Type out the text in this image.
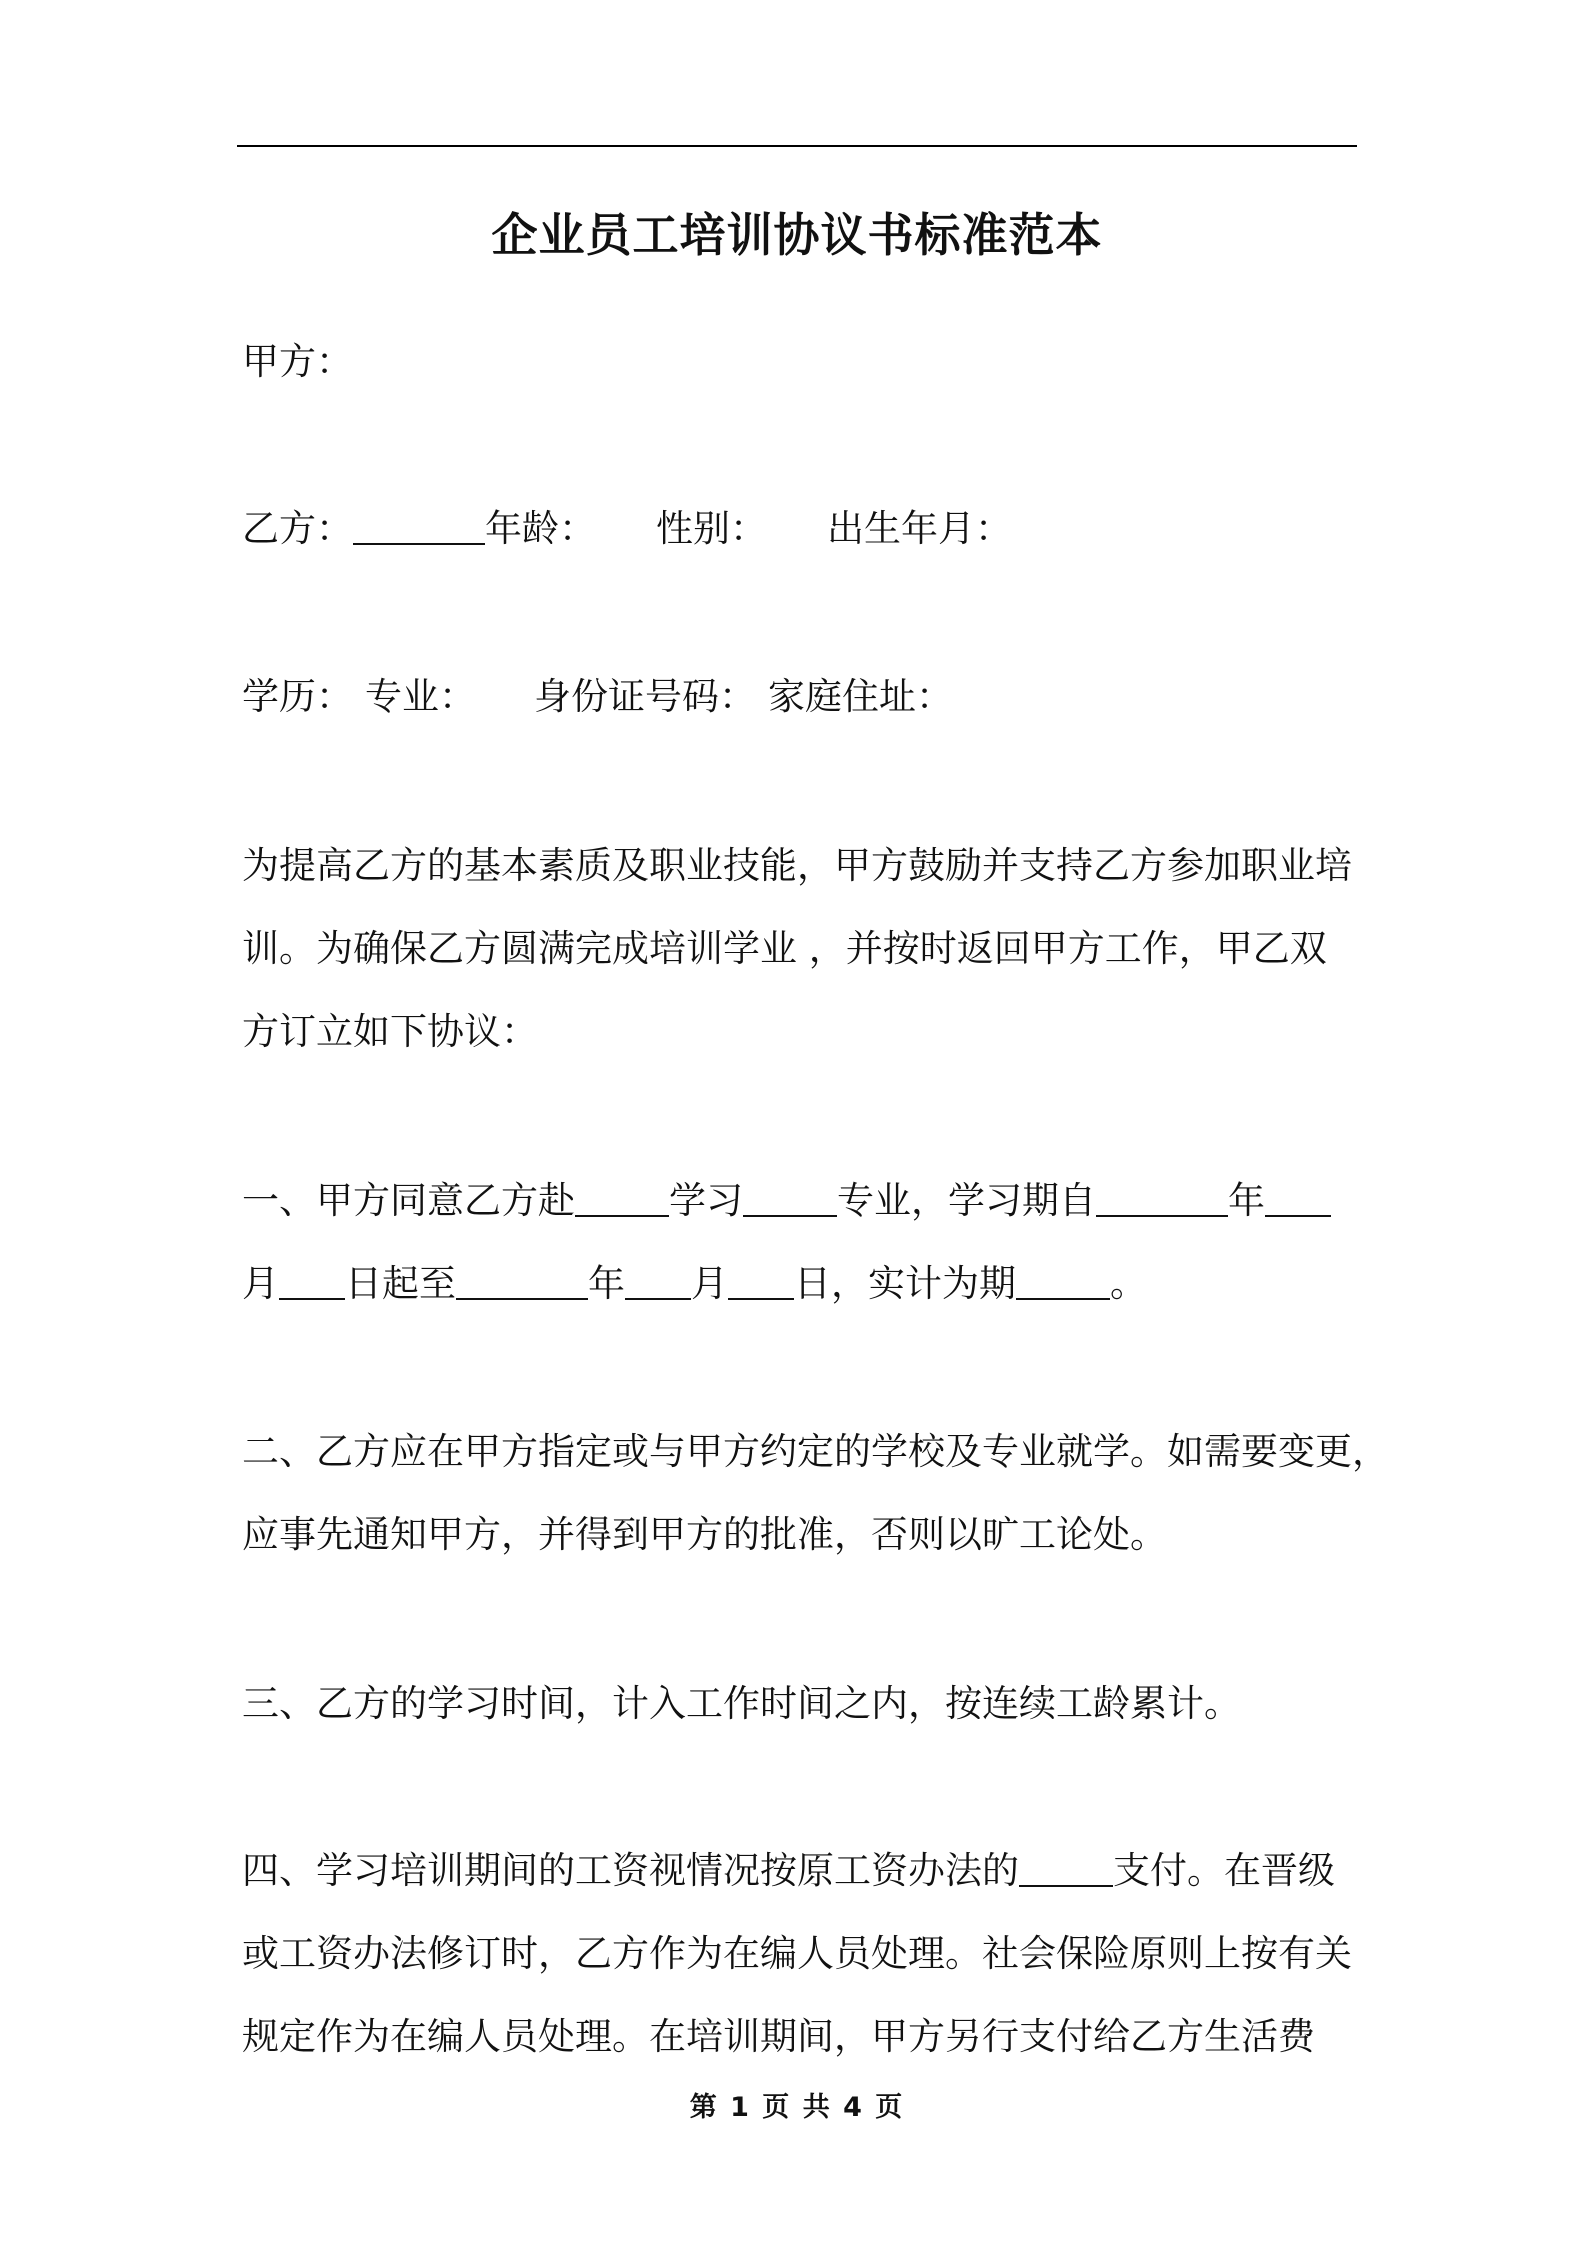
企业员工培训协议书标准范本
甲方：
乙方：	年龄： 性别： 出生年月：
学历： 专业： 身份证号码： 家庭住址：
为提高乙方的基本素质及职业技能，甲方鼓励并支持乙方参加职业培
训。为确保乙方圆满完成培训学业 ，并按时返回甲方工作，甲乙双
方订立如下协议：
一、甲方同意乙方赴	学习	专业，学习期自	年
月 日起至	年 月 日，实计为期	。
二、乙方应在甲方指定或与甲方约定的学校及专业就学。如需要变更，
应事先通知甲方，并得到甲方的批准，否则以旷工论处。
三、乙方的学习时间，计入工作时间之内，按连续工龄累计。
四、学习培训期间的工资视情况按原工资办法的	支付。在晋级
或工资办法修订时，乙方作为在编人员处理。社会保险原则上按有关
规定作为在编人员处理。在培训期间，甲方另行支付给乙方生活费
第 1 页 共 4 页
